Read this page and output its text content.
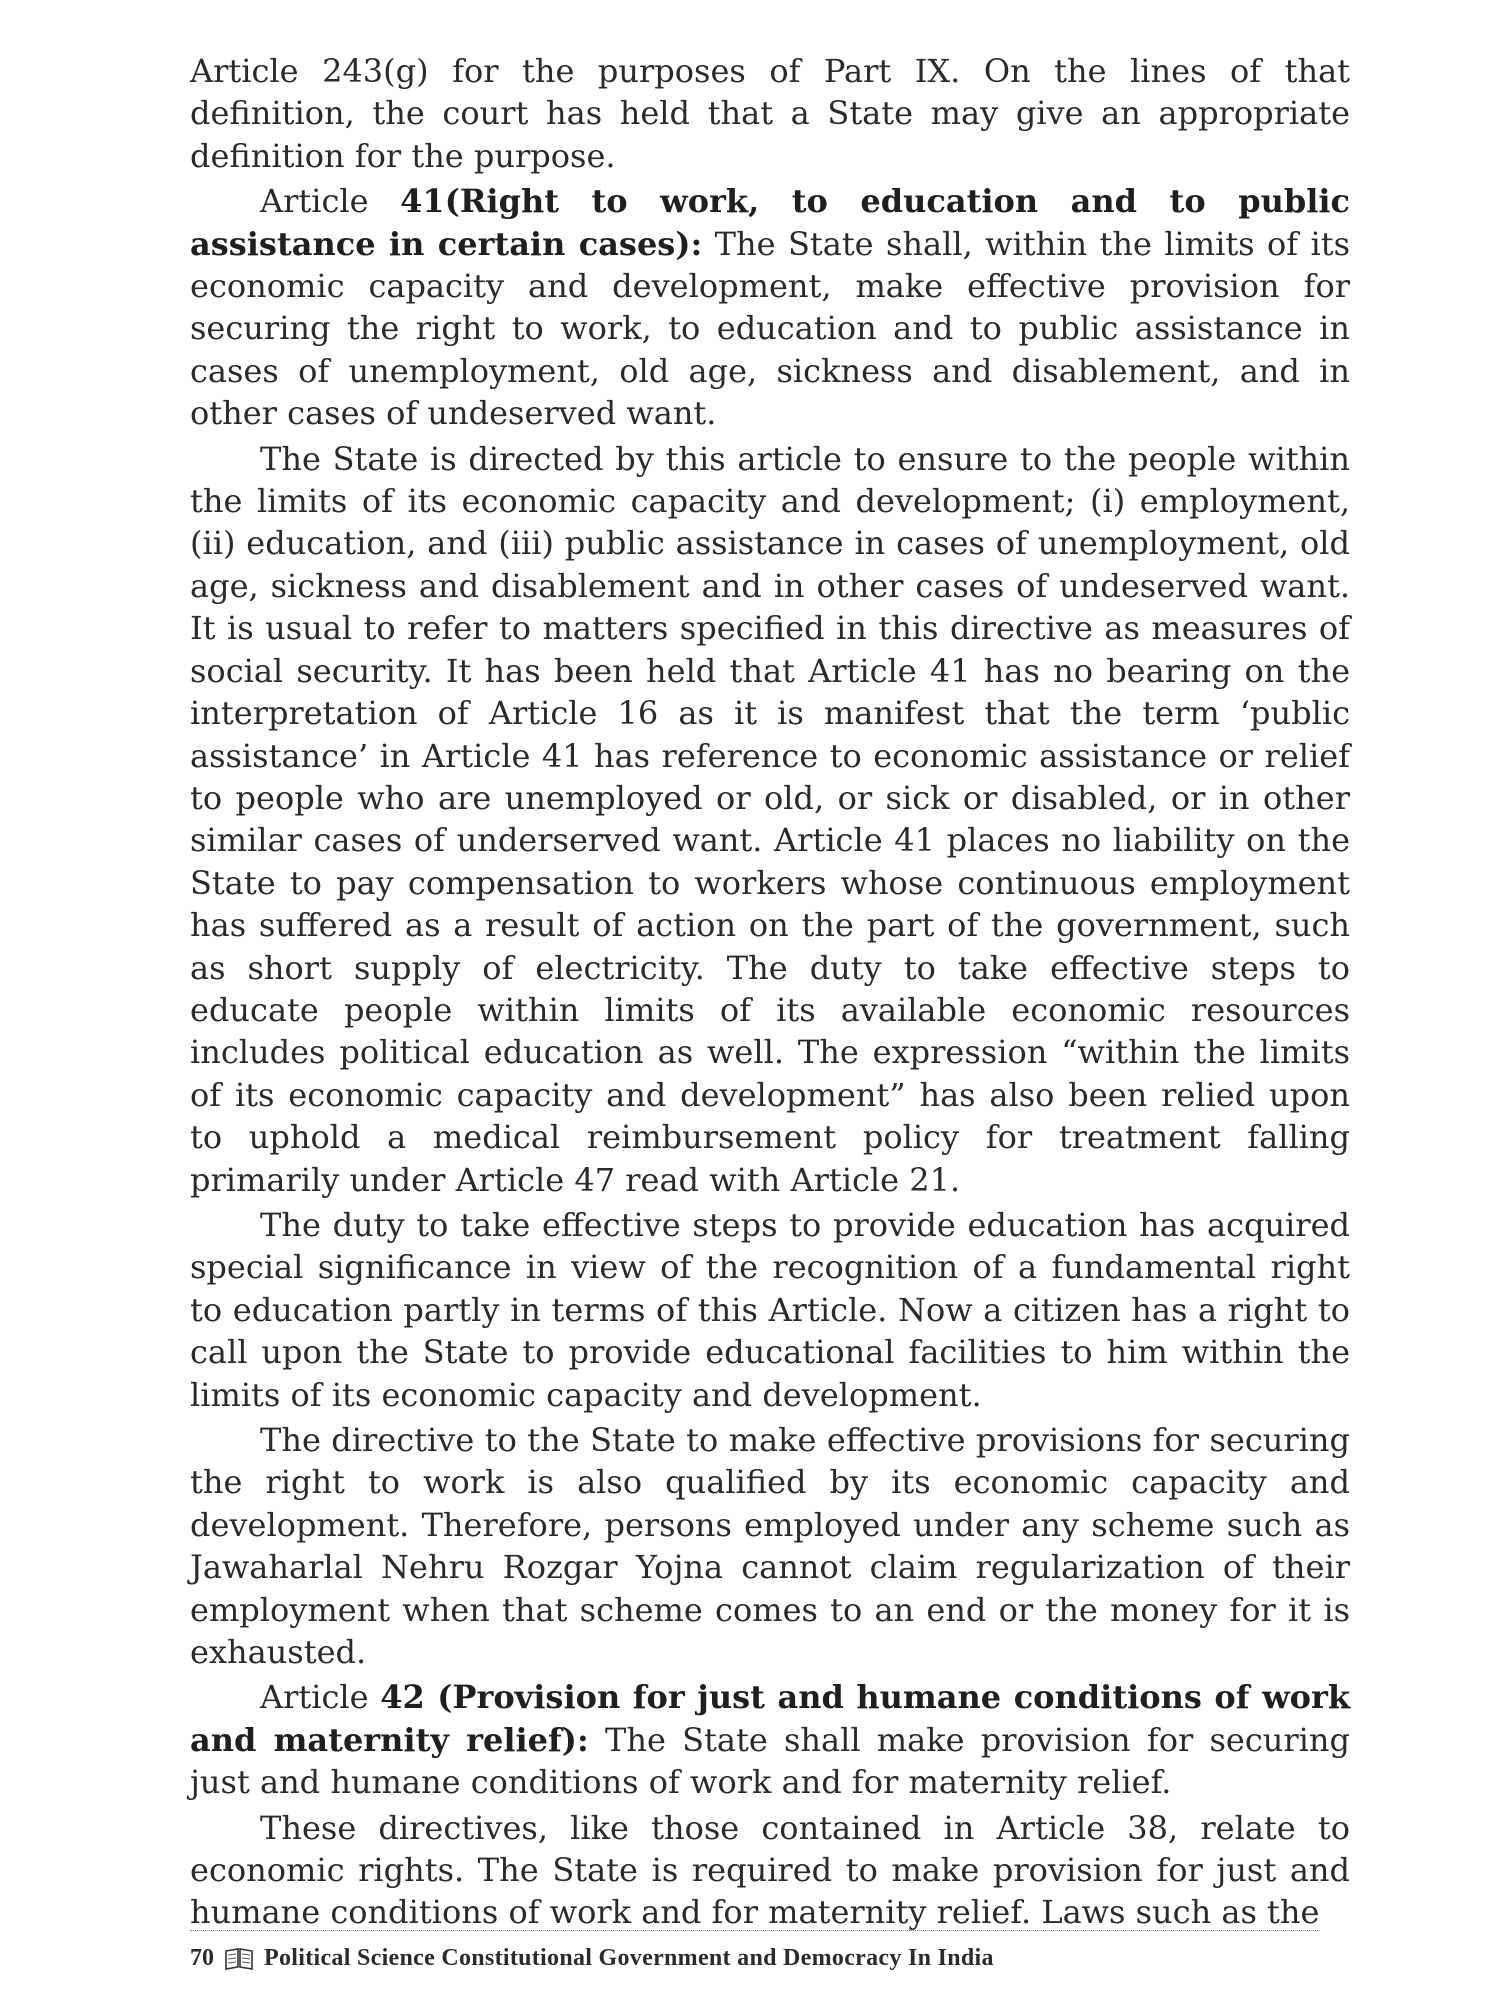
Article 243(g) for the purposes of Part IX. On the lines of that definition, the court has held that a State may give an appropriate definition for the purpose.

Article 41(Right to work, to education and to public assistance in certain cases): The State shall, within the limits of its economic capacity and development, make effective provision for securing the right to work, to education and to public assistance in cases of unemployment, old age, sickness and disablement, and in other cases of undeserved want.

The State is directed by this article to ensure to the people within the limits of its economic capacity and development; (i) employment, (ii) education, and (iii) public assistance in cases of unemployment, old age, sickness and disablement and in other cases of undeserved want. It is usual to refer to matters specified in this directive as measures of social security. It has been held that Article 41 has no bearing on the interpretation of Article 16 as it is manifest that the term ‘public assistance’ in Article 41 has reference to economic assistance or relief to people who are unemployed or old, or sick or disabled, or in other similar cases of underserved want. Article 41 places no liability on the State to pay compensation to workers whose continuous employment has suffered as a result of action on the part of the government, such as short supply of electricity. The duty to take effective steps to educate people within limits of its available economic resources includes political education as well. The expression “within the limits of its economic capacity and development” has also been relied upon to uphold a medical reimbursement policy for treatment falling primarily under Article 47 read with Article 21.

The duty to take effective steps to provide education has acquired special significance in view of the recognition of a fundamental right to education partly in terms of this Article. Now a citizen has a right to call upon the State to provide educational facilities to him within the limits of its economic capacity and development.

The directive to the State to make effective provisions for securing the right to work is also qualified by its economic capacity and development. Therefore, persons employed under any scheme such as Jawaharlal Nehru Rozgar Yojna cannot claim regularization of their employment when that scheme comes to an end or the money for it is exhausted.

Article 42 (Provision for just and humane conditions of work and maternity relief): The State shall make provision for securing just and humane conditions of work and for maternity relief.

These directives, like those contained in Article 38, relate to economic rights. The State is required to make provision for just and humane conditions of work and for maternity relief. Laws such as the

70 Political Science Constitutional Government and Democracy In India
